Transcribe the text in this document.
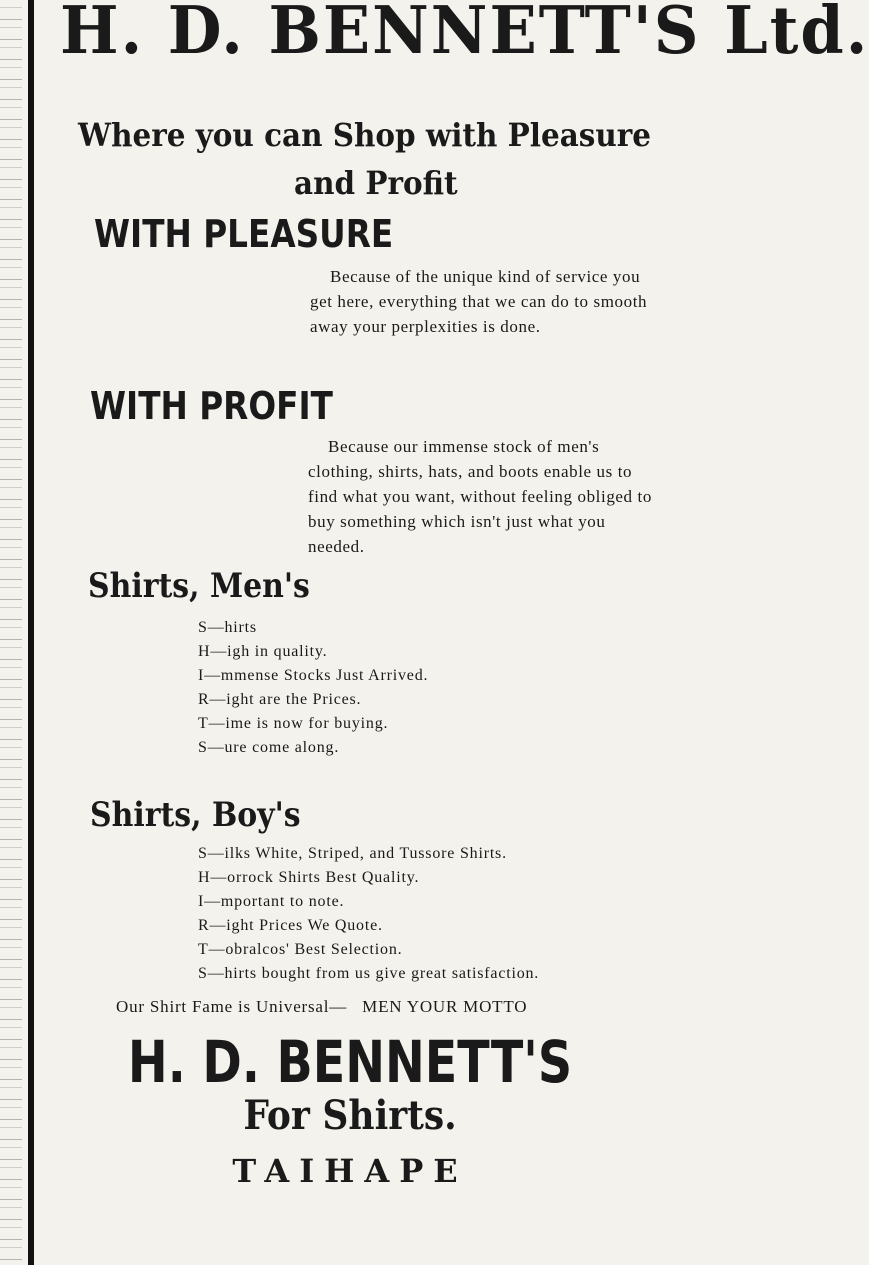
H. D. BENNETT'S Ltd.
Where you can Shop with Pleasure
and Profit
WITH PLEASURE

Because of the unique kind of service you get here, everything that we can do to smooth away your perplexities is done.

WITH PROFIT

Because our immense stock of men's clothing, shirts, hats, and boots enable us to find what you want, without feeling obliged to buy something which isn't just what you needed.

Shirts, Men's
S—hirts
H—igh in quality.
I—mmense Stocks Just Arrived.
R—ight are the Prices.
T—ime is now for buying.
S—ure come along.
Shirts, Boy's
S—ilks White, Striped, and Tussore Shirts.
H—orrock Shirts Best Quality.
I—mportant to note.
R—ight Prices We Quote.
T—obralcos' Best Selection.
S—hirts bought from us give great satisfaction.
Our Shirt Fame is Universal— MEN YOUR MOTTO
H. D. BENNETT'S
For Shirts.
TAIHAPE
